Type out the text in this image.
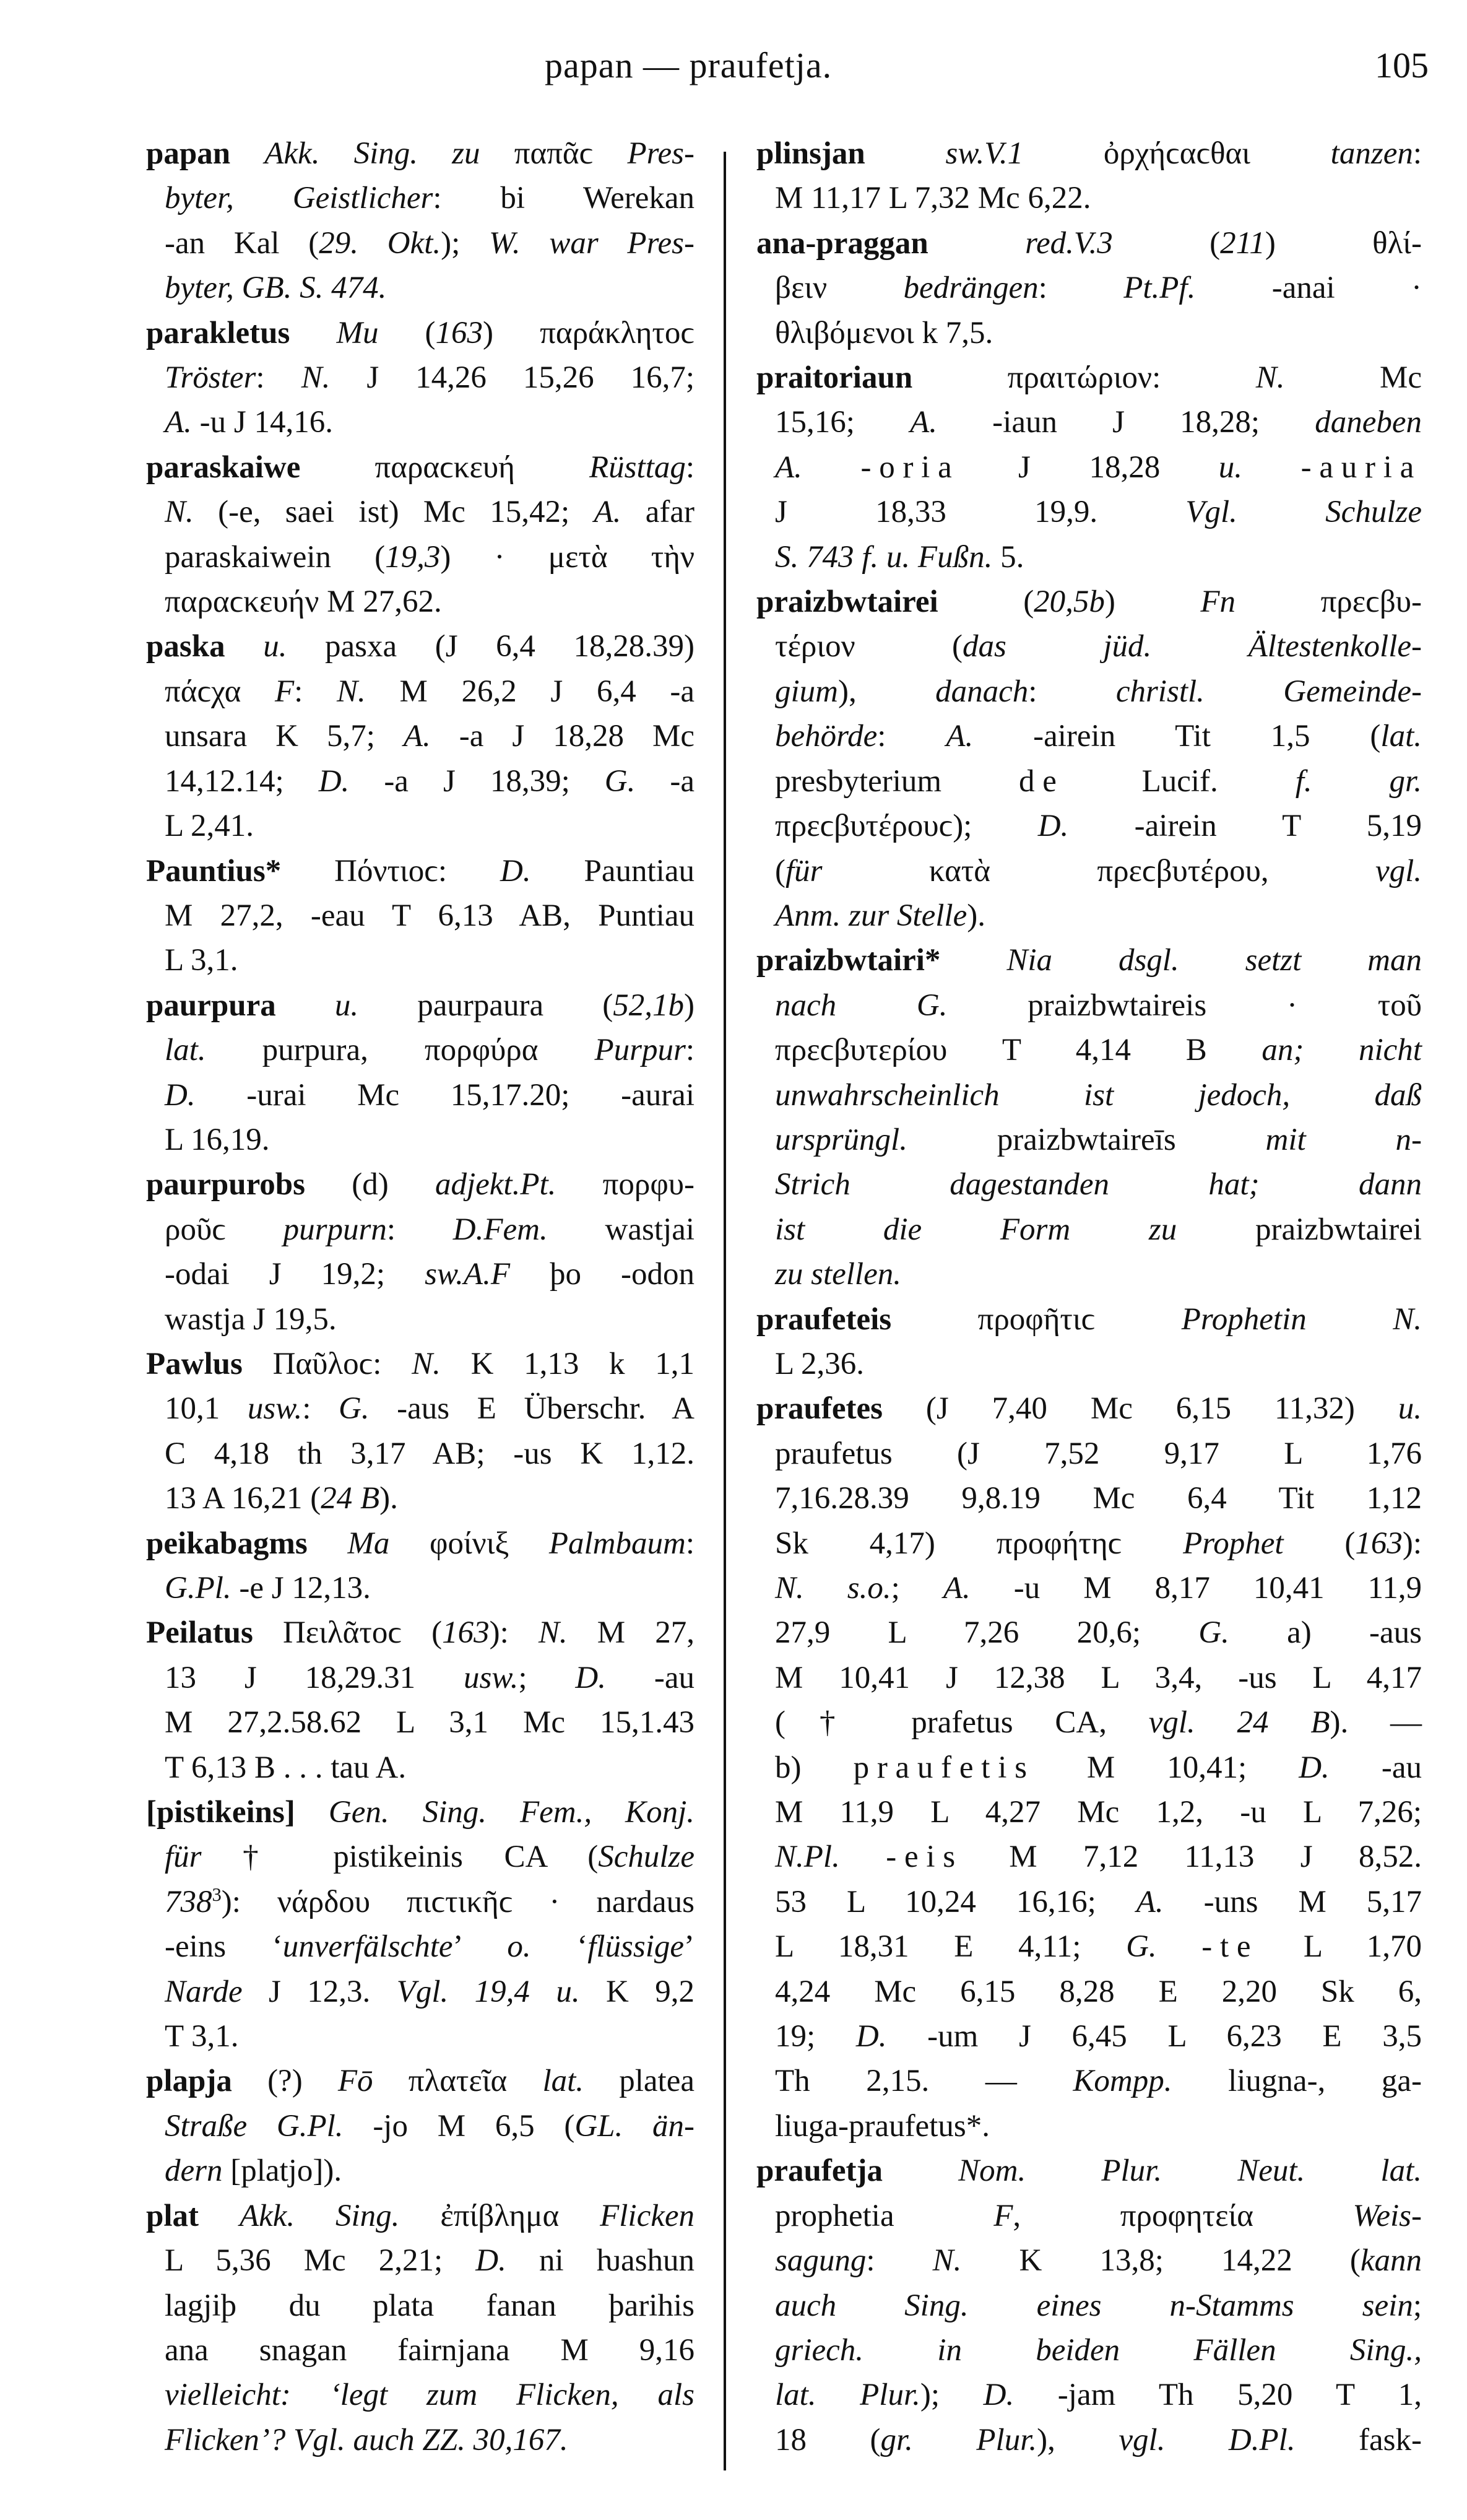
papan — praufetja.	105
papan Akk. Sing. zu παπᾶϲ Pres-
byter, Geistlicher: bi Werekan
-an Kal (29. Okt.); W. war Pres-
byter, GB. S. 474.
parakletus Mu (163) παράκλητοϲ
Tröster: N. J 14,26 15,26 16,7;
A. -u J 14,16.
paraskaiwe παραϲκευή Rüsttag:
N. (-e, saei ist) Mc 15,42; A. afar
paraskaiwein (19,3) · μετὰ τὴν
παραϲκευήν M 27,62.
paska u. pasxa (J 6,4 18,28.39)
πάϲχα F: N. M 26,2 J 6,4 -a
unsara K 5,7; A. -a J 18,28 Mc
14,12.14; D. -a J 18,39; G. -a
L 2,41.
Pauntius* Πόντιοϲ: D. Pauntiau
M 27,2, -eau T 6,13 AB, Puntiau
L 3,1.
paurpura u. paurpaura (52,1b)
lat. purpura, πορφύρα Purpur:
D. -urai Mc 15,17.20; -aurai
L 16,19.
paurpurobs (d) adjekt.Pt. πορφυ-
ροῦϲ purpurn: D.Fem. wastjai
-odai J 19,2; sw.A.F þo -odon
wastja J 19,5.
Pawlus Παῦλοϲ: N. K 1,13 k 1,1
10,1 usw.: G. -aus E Überschr. A
C 4,18 th 3,17 AB; -us K 1,12.
13 A 16,21 (24 B).
peikabagms Ma φοίνιξ Palmbaum:
G.Pl. -e J 12,13.
Peilatus Πειλᾶτοϲ (163): N. M 27,
13 J 18,29.31 usw.; D. -au
M 27,2.58.62 L 3,1 Mc 15,1.43
T 6,13 B . . . tau A.
[pistikeins] Gen. Sing. Fem., Konj.
für † pistikeinis CA (Schulze
$738^3$): νάρδου πιϲτικῆϲ · nardaus
-eins ‘unverfälschte’ o. ‘flüssige’
Narde J 12,3. Vgl. 19,4 u. K 9,2
T 3,1.
plapja (?) Fō πλατεῖα lat. platea
Straße G.Pl. -jo M 6,5 (GL. än-
dern [platjo]).
plat Akk. Sing. ἐπίβλημα Flicken
L 5,36 Mc 2,21; D. ni ƕashun
lagjiþ du plata fanan þarihis
ana snagan fairnjana M 9,16
vielleicht: ‘legt zum Flicken, als
Flicken’? Vgl. auch ZZ. 30,167.
plinsjan	sw.V.1 ὀρχήϲαϲθαι tanzen:
M 11,17 L 7,32 Mc 6,22.
ana-praggan	red.V.3 (211) θλί-
βειν bedrängen: Pt.Pf. -anai ·
θλιβόμενοι k 7,5.
praitoriaun πραιτώριον: N. Mc
15,16; A. -iaun J 18,28; daneben
A. -oria J 18,28 u. -auria
J 18,33 19,9. Vgl. Schulze
S. 743 f. u. Fußn. 5.
praizbwtairei (20,5b) Fn πρεϲβυ-
τέριον (das jüd. Ältestenkolle-
gium), danach: christl. Gemeinde-
behörde: A. -airein Tit 1,5 (lat.
presbyterium de Lucif. f. gr.
πρεϲβυτέρουϲ); D. -airein T 5,19
(für κατὰ πρεϲβυτέρου, vgl.
Anm. zur Stelle).
praizbwtairi* Nia dsgl. setzt man
nach G. praizbwtaireis · τοῦ
πρεϲβυτερίου T 4,14 B an; nicht
unwahrscheinlich ist jedoch, daß
ursprüngl. praizbwtaireīs mit n-
Strich dagestanden hat; dann
ist die Form zu praizbwtairei
zu stellen.
praufeteis προφῆτιϲ Prophetin N.
L 2,36.
praufetes (J 7,40 Mc 6,15 11,32) u.
praufetus (J 7,52 9,17 L 1,76
7,16.28.39 9,8.19 Mc 6,4 Tit 1,12
Sk 4,17) προφήτηϲ Prophet (163):
N. s.o.; A. -u M 8,17 10,41 11,9
27,9 L 7,26 20,6; G. a) -aus
M 10,41 J 12,38 L 3,4, -us L 4,17
(† prafetus CA, vgl. 24 B). —
b) praufetis M 10,41; D. -au
M 11,9 L 4,27 Mc 1,2, -u L 7,26;
N.Pl. -eis M 7,12 11,13 J 8,52.
53 L 10,24 16,16; A. -uns M 5,17
L 18,31 E 4,11; G. -te L 1,70
4,24 Mc 6,15 8,28 E 2,20 Sk 6,
19; D. -um J 6,45 L 6,23 E 3,5
Th 2,15. — Kompp. liugna-, ga-
liuga-praufetus*.
praufetja Nom. Plur. Neut. lat.
prophetia F, προφητεία Weis-
sagung: N. K 13,8; 14,22 (kann
auch Sing. eines n-Stamms sein;
griech. in beiden Fällen Sing.,
lat. Plur.); D. -jam Th 5,20 T 1,
18 (gr. Plur.), vgl. D.Pl. fask-
